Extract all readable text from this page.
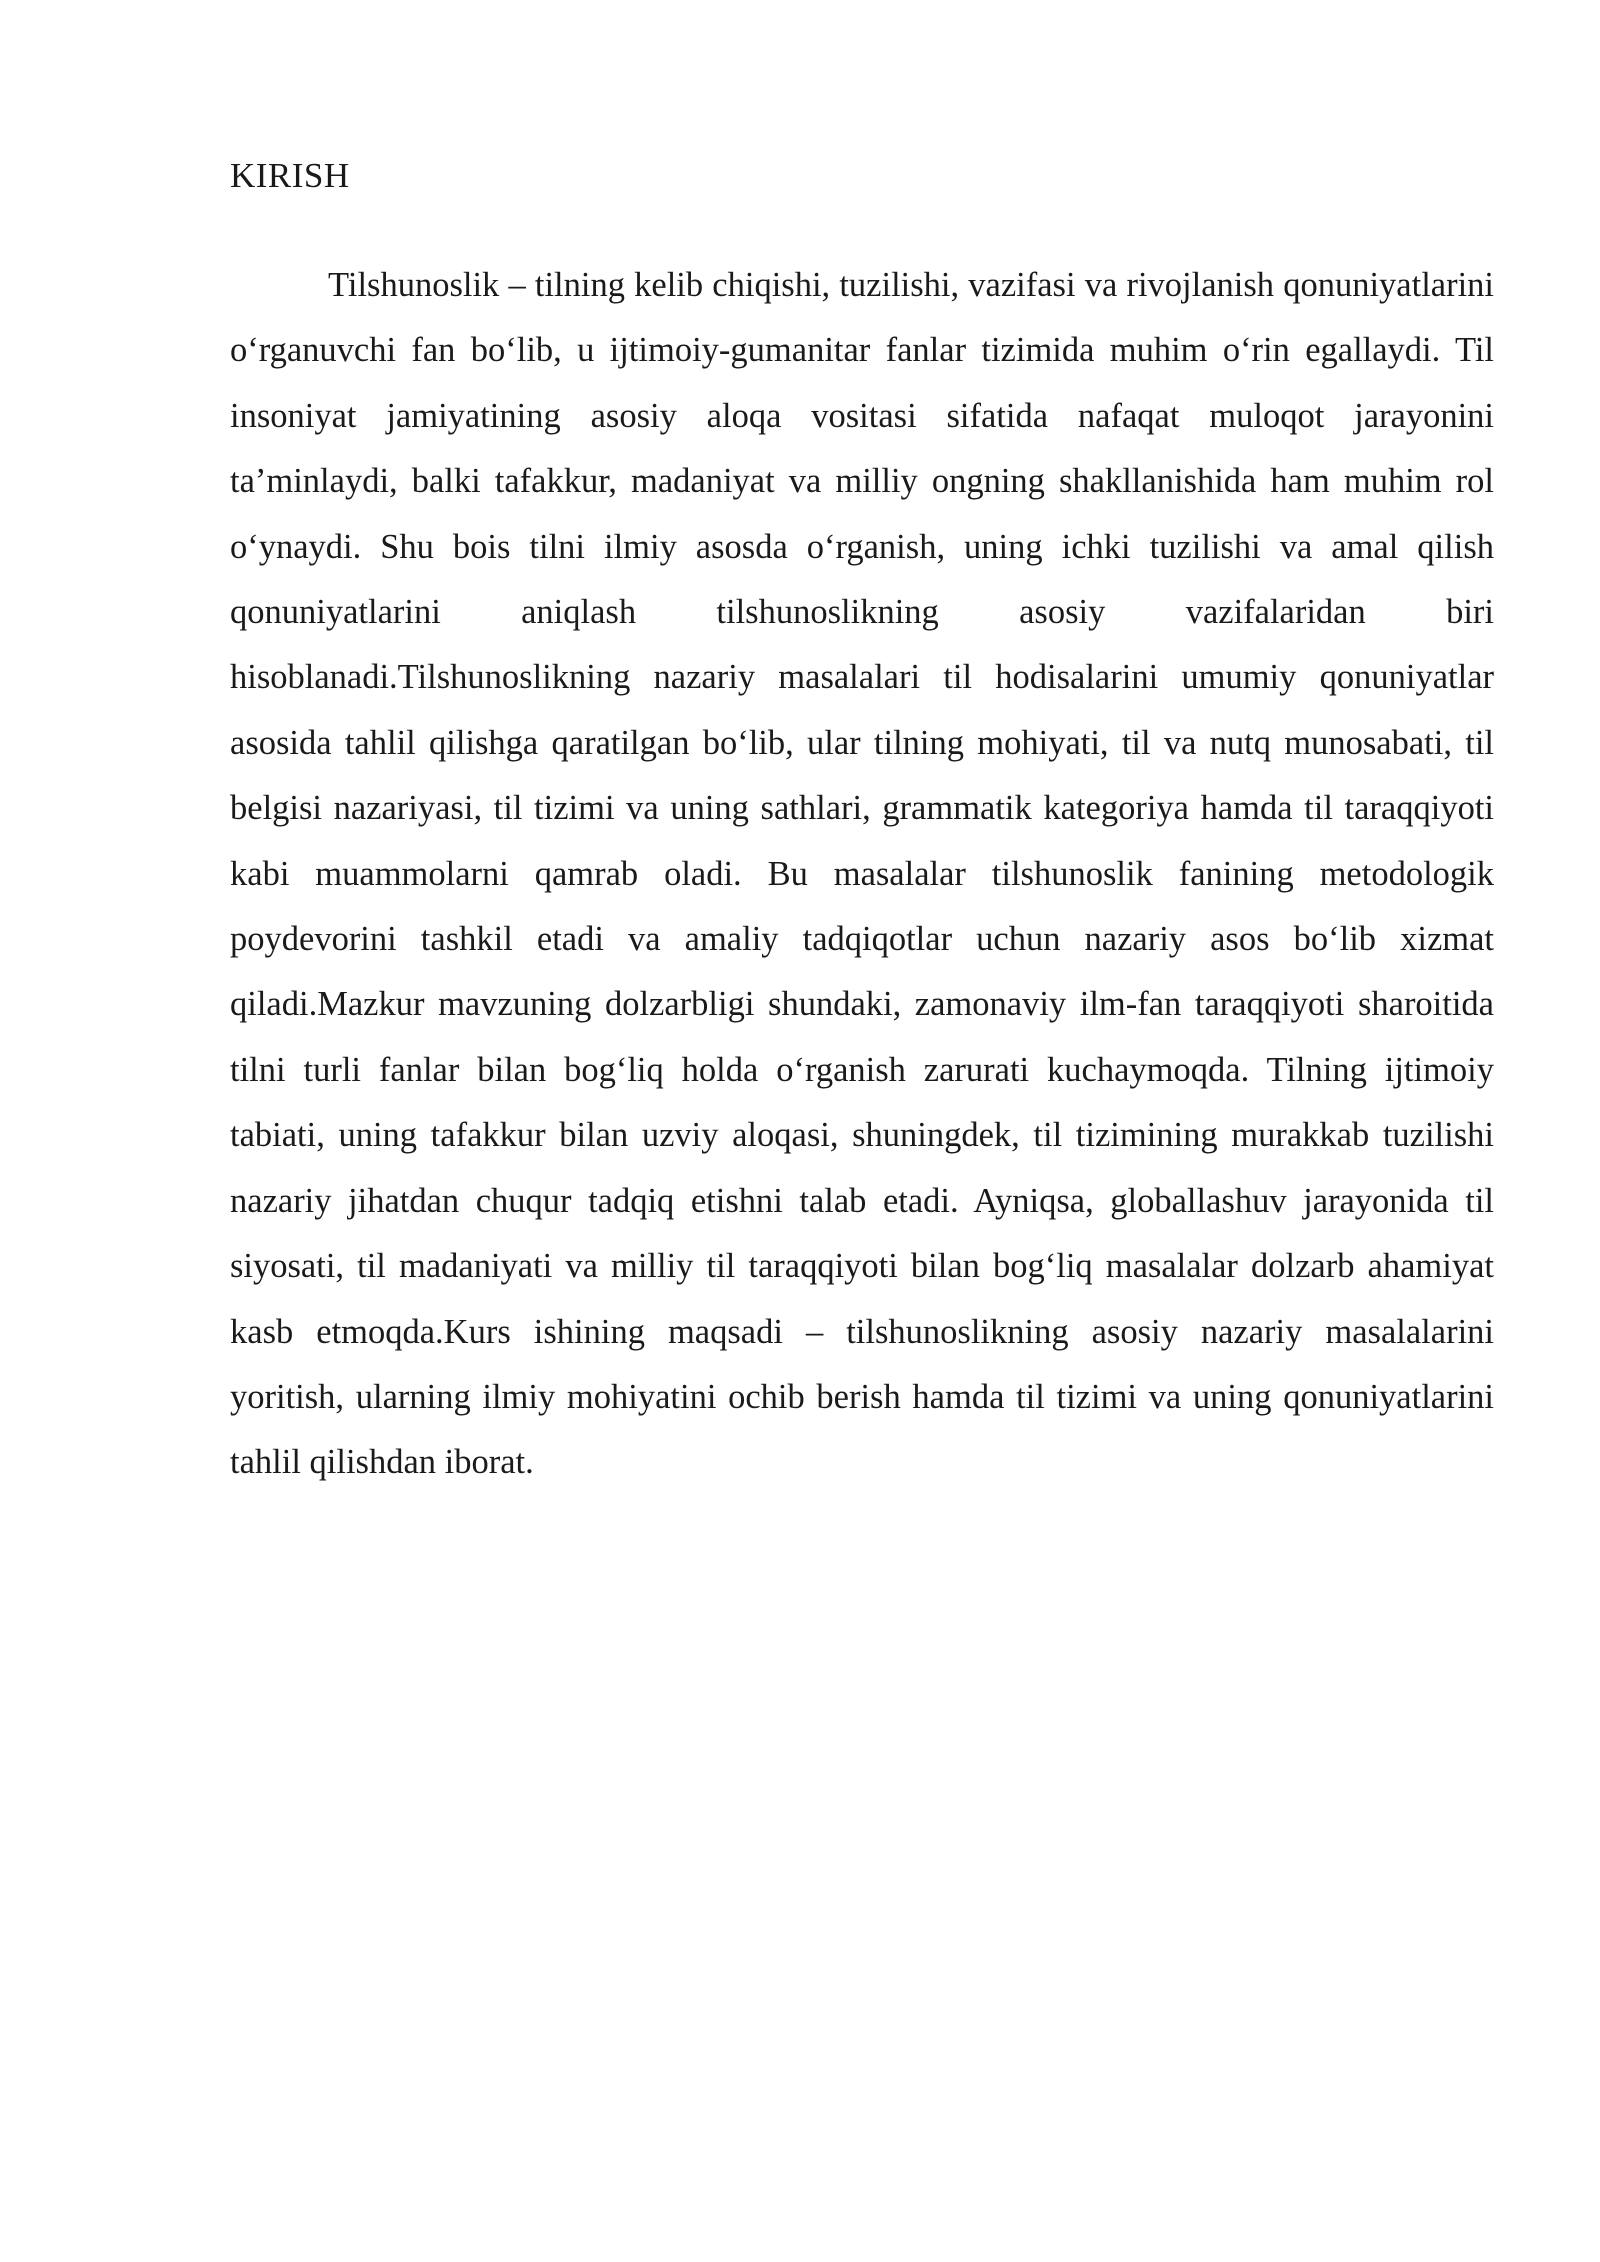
KIRISH

Tilshunoslik – tilning kelib chiqishi, tuzilishi, vazifasi va rivojlanish qonuniyatlarini o‘rganuvchi fan bo‘lib, u ijtimoiy-gumanitar fanlar tizimida muhim o‘rin egallaydi. Til insoniyat jamiyatining asosiy aloqa vositasi sifatida nafaqat muloqot jarayonini ta’minlaydi, balki tafakkur, madaniyat va milliy ongning shakllanishida ham muhim rol o‘ynaydi. Shu bois tilni ilmiy asosda o‘rganish, uning ichki tuzilishi va amal qilish qonuniyatlarini aniqlash tilshunoslikning asosiy vazifalaridan biri hisoblanadi.Tilshunoslikning nazariy masalalari til hodisalarini umumiy qonuniyatlar asosida tahlil qilishga qaratilgan bo‘lib, ular tilning mohiyati, til va nutq munosabati, til belgisi nazariyasi, til tizimi va uning sathlari, grammatik kategoriya hamda til taraqqiyoti kabi muammolarni qamrab oladi. Bu masalalar tilshunoslik fanining metodologik poydevorini tashkil etadi va amaliy tadqiqotlar uchun nazariy asos bo‘lib xizmat qiladi.Mazkur mavzuning dolzarbligi shundaki, zamonaviy ilm-fan taraqqiyoti sharoitida tilni turli fanlar bilan bog‘liq holda o‘rganish zarurati kuchaymoqda. Tilning ijtimoiy tabiati, uning tafakkur bilan uzviy aloqasi, shuningdek, til tizimining murakkab tuzilishi nazariy jihatdan chuqur tadqiq etishni talab etadi. Ayniqsa, globallashuv jarayonida til siyosati, til madaniyati va milliy til taraqqiyoti bilan bog‘liq masalalar dolzarb ahamiyat kasb etmoqda.Kurs ishining maqsadi – tilshunoslikning asosiy nazariy masalalarini yoritish, ularning ilmiy mohiyatini ochib berish hamda til tizimi va uning qonuniyatlarini tahlil qilishdan iborat.
